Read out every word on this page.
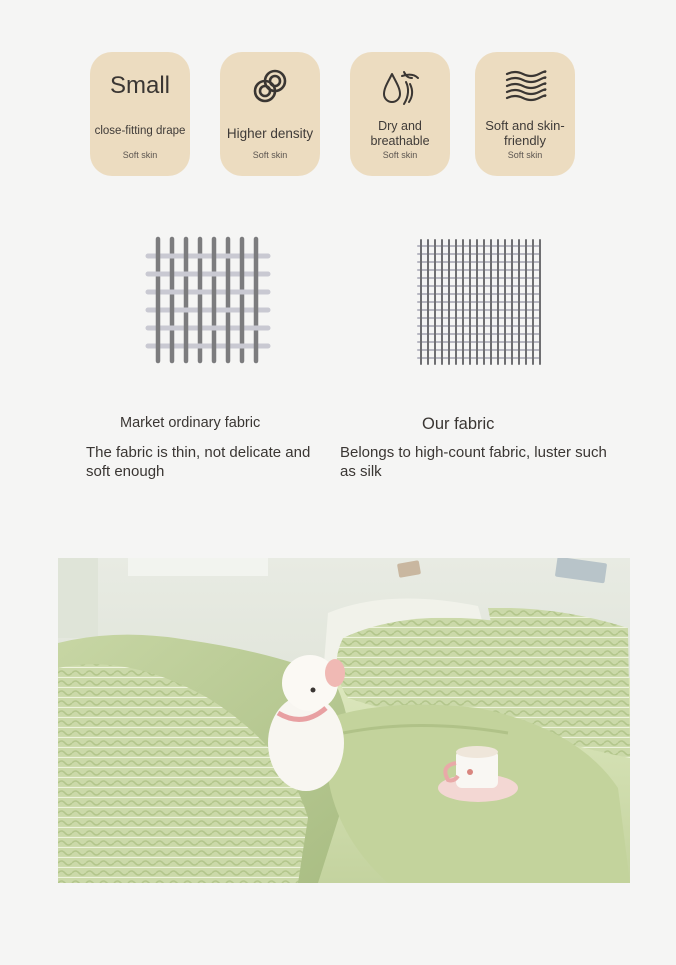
Small
close-fitting drape
Soft skin
Higher density
Soft skin
Dry and breathable
Soft skin
Soft and skin-friendly
Soft skin
Market ordinary fabric
The fabric is thin, not delicate and soft enough
Our fabric
Belongs to high-count fabric, luster such as silk
